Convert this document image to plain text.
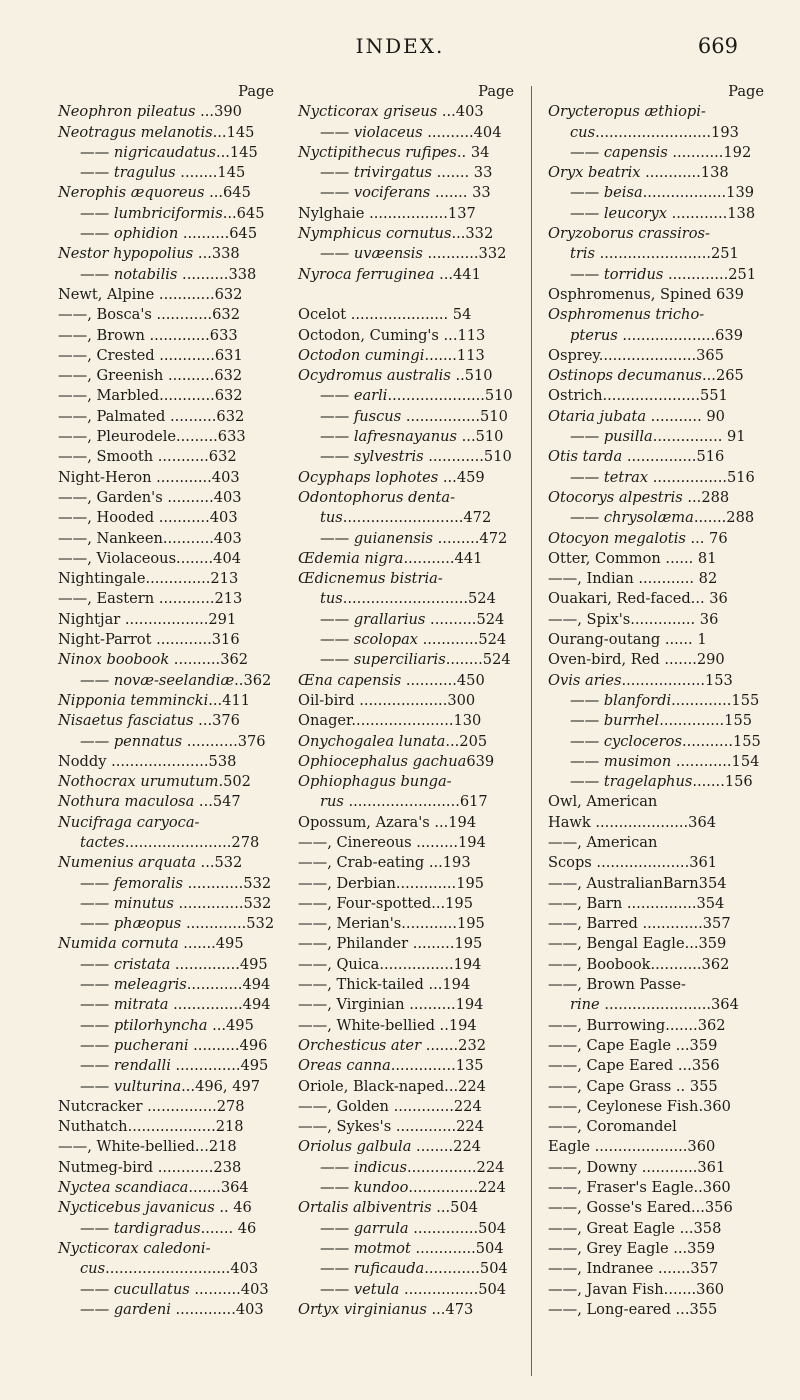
INDEX.	669
Page
Neophron pileatus ...390
Neotragus melanotis...145
—— nigricaudatus...145
—— tragulus ........145
Nerophis æquoreus ...645
—— lumbriciformis...645
—— ophidion ..........645
Nestor hypopolius ...338
—— notabilis ..........338
Newt, Alpine ............632
——, Bosca's ............632
——, Brown .............633
——, Crested ............631
——, Greenish ..........632
——, Marbled............632
——, Palmated ..........632
——, Pleurodele.........633
——, Smooth ...........632
Night-Heron ............403
——, Garden's ..........403
——, Hooded ...........403
——, Nankeen...........403
——, Violaceous........404
Nightingale..............213
——, Eastern ............213
Nightjar ..................291
Night-Parrot ............316
Ninox boobook ..........362
—— novæ-seelandiæ..362
Nipponia temmincki...411
Nisaetus fasciatus ...376
—— pennatus ...........376
Noddy .....................538
Nothocrax urumutum.502
Nothura maculosa ...547
Nucifraga caryoca-
tactes.......................278
Numenius arquata ...532
—— femoralis ............532
—— minutus ..............532
—— phæopus .............532
Numida cornuta .......495
—— cristata ..............495
—— meleagris............494
—— mitrata ...............494
—— ptilorhyncha ...495
—— pucherani ..........496
—— rendalli ..............495
—— vulturina...496, 497
Nutcracker ...............278
Nuthatch...................218
——, White-bellied...218
Nutmeg-bird ............238
Nyctea scandiaca.......364
Nycticebus javanicus .. 46
—— tardigradus....... 46
Nycticorax caledoni-
cus...........................403
—— cucullatus ..........403
—— gardeni .............403
Page
Nycticorax griseus ...403
—— violaceus ..........404
Nyctipithecus rufipes.. 34
—— trivirgatus ....... 33
—— vociferans ....... 33
Nylghaie .................137
Nymphicus cornutus...332
—— uvæensis ...........332
Nyroca ferruginea ...441
Ocelot ..................... 54
Octodon, Cuming's ...113
Octodon cumingi.......113
Ocydromus australis ..510
—— earli.....................510
—— fuscus ................510
—— lafresnayanus ...510
—— sylvestris ............510
Ocyphaps lophotes ...459
Odontophorus denta-
tus..........................472
—— guianensis .........472
Œdemia nigra...........441
Œdicnemus bistria-
tus...........................524
—— grallarius ..........524
—— scolopax ............524
—— superciliaris........524
Œna capensis ...........450
Oil-bird ...................300
Onager......................130
Onychogalea lunata...205
Ophiocephalus gachua639
Ophiophagus bunga-
rus ........................617
Opossum, Azara's ...194
——, Cinereous .........194
——, Crab-eating ...193
——, Derbian.............195
——, Four-spotted...195
——, Merian's............195
——, Philander .........195
——, Quica................194
——, Thick-tailed ...194
——, Virginian ..........194
——, White-bellied ..194
Orchesticus ater .......232
Oreas canna..............135
Oriole, Black-naped...224
——, Golden .............224
——, Sykes's .............224
Oriolus galbula ........224
—— indicus...............224
—— kundoo...............224
Ortalis albiventris ...504
—— garrula ..............504
—— motmot .............504
—— ruficauda............504
—— vetula ................504
Ortyx virginianus ...473
Page
Orycteropus æthiopi-
cus.........................193
—— capensis ...........192
Oryx beatrix ............138
—— beisa..................139
—— leucoryx ............138
Oryzoborus crassiros-
tris ........................251
—— torridus .............251
Osphromenus, Spined 639
Osphromenus tricho-
pterus ....................639
Osprey.....................365
Ostinops decumanus...265
Ostrich.....................551
Otaria jubata ........... 90
—— pusilla............... 91
Otis tarda ...............516
—— tetrax ................516
Otocorys alpestris ...288
—— chrysolæma.......288
Otocyon megalotis ... 76
Otter, Common ...... 81
——, Indian ............ 82
Ouakari, Red-faced... 36
——, Spix's.............. 36
Ourang-outang ...... 1
Oven-bird, Red .......290
Ovis aries..................153
—— blanfordi.............155
—— burrhel..............155
—— cycloceros...........155
—— musimon ............154
—— tragelaphus.......156
Owl, American
Hawk ....................364
——, American
Scops ....................361
——, AustralianBarn354
——, Barn ...............354
——, Barred .............357
——, Bengal Eagle...359
——, Boobook...........362
——, Brown Passe-
rine .......................364
——, Burrowing.......362
——, Cape Eagle ...359
——, Cape Eared ...356
——, Cape Grass .. 355
——, Ceylonese Fish.360
——, Coromandel
Eagle ....................360
——, Downy ............361
——, Fraser's Eagle..360
——, Gosse's Eared...356
——, Great Eagle ...358
——, Grey Eagle ...359
——, Indranee .......357
——, Javan Fish.......360
——, Long-eared ...355
